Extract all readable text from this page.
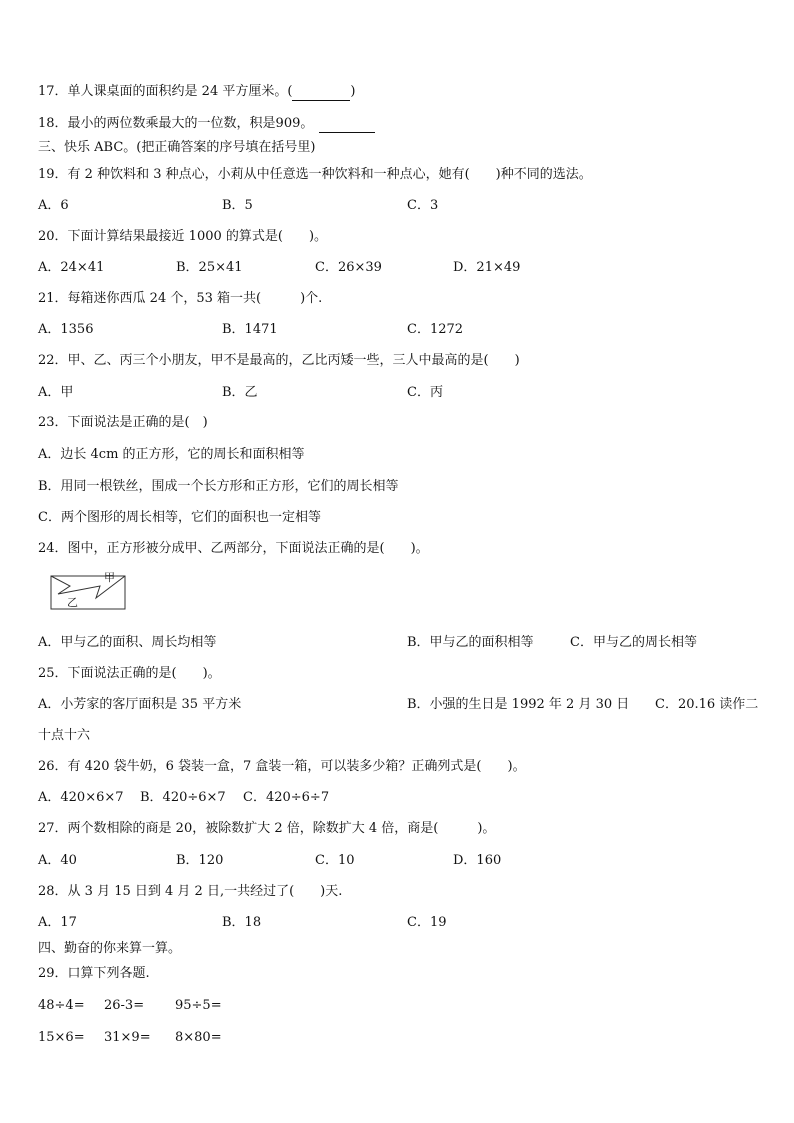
17．单人课桌面的面积约是 24 平方厘米。(	)
18．最小的两位数乘最大的一位数，积是909。
三、快乐 ABC。(把正确答案的序号填在括号里)
19．有 2 种饮料和 3 种点心，小莉从中任意选一种饮料和一种点心，她有(　　)种不同的选法。
A．6	B．5	C．3
20．下面计算结果最接近 1000 的算式是(　　)。
A．24×41	B．25×41	C．26×39	D．21×49
21．每箱迷你西瓜 24 个，53 箱一共(　　　)个.
A．1356	B．1471	C．1272
22．甲、乙、丙三个小朋友，甲不是最高的，乙比丙矮一些，三人中最高的是(　　)
A．甲	B．乙	C．丙
23．下面说法是正确的是(　)
A．边长 4cm 的正方形，它的周长和面积相等
B．用同一根铁丝，围成一个长方形和正方形，它们的周长相等
C．两个图形的周长相等，它们的面积也一定相等
24．图中，正方形被分成甲、乙两部分，下面说法正确的是(　　)。
甲
乙
A．甲与乙的面积、周长均相等	B．甲与乙的面积相等	C．甲与乙的周长相等
25．下面说法正确的是(　　)。
A．小芳家的客厅面积是 35 平方米	B．小强的生日是 1992 年 2 月 30 日 C．20.16 读作二
十点十六
26．有 420 袋牛奶，6 袋装一盒，7 盒装一箱，可以装多少箱？正确列式是(　　)。
A．420×6×7 B．420÷6×7 C．420÷6÷7
27．两个数相除的商是 20，被除数扩大 2 倍，除数扩大 4 倍，商是(　　　)。
A．40	B．120	C．10	D．160
28．从 3 月 15 日到 4 月 2 日,一共经过了(　　)天.
A．17	B．18	C．19
四、勤奋的你来算一算。
29．口算下列各题.
48÷4= 26-3= 95÷5=
15×6= 31×9= 8×80=
